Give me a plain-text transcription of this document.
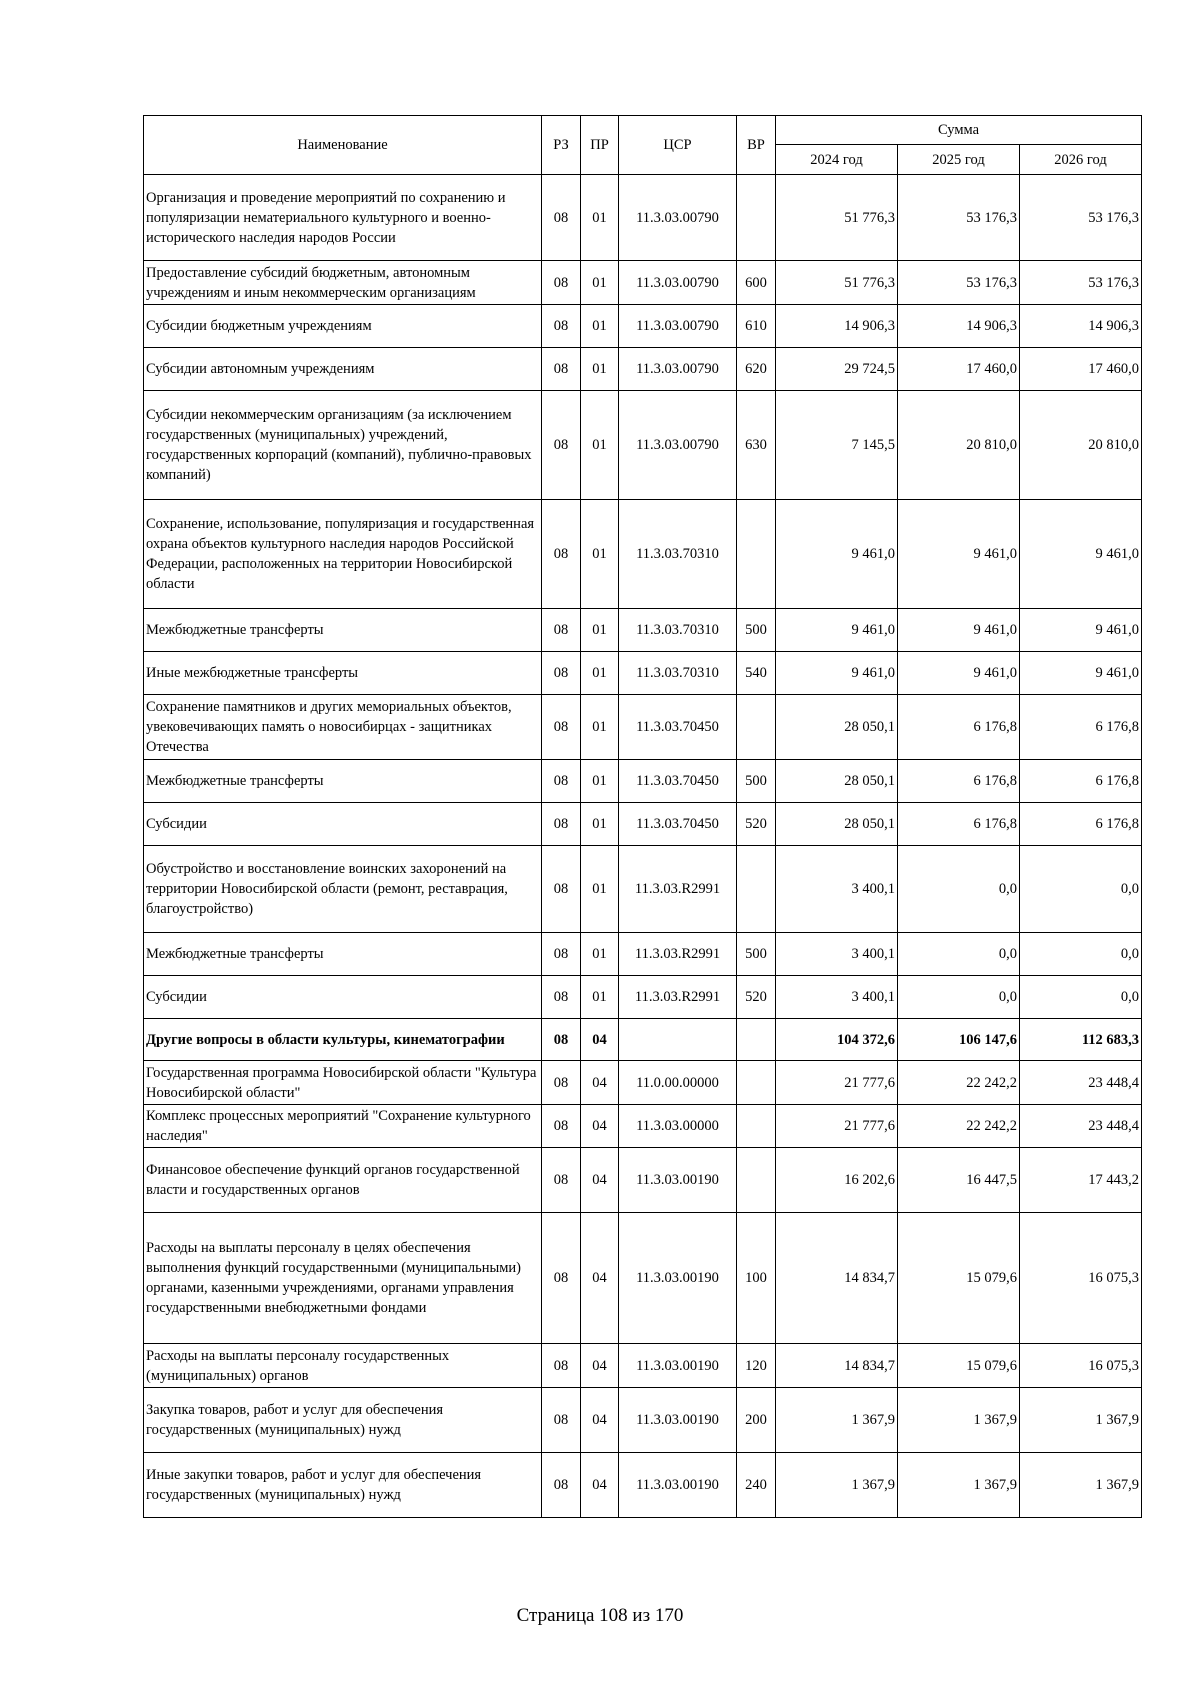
Наименование	РЗ	ПР	ЦСР	ВР	Сумма		
					2024 год	2025 год	2026 год
Организация и проведение мероприятий по сохранению и популяризации нематериального культурного и военно-исторического наследия народов России	08	01	11.3.03.00790		51 776,3	53 176,3	53 176,3
Предоставление субсидий бюджетным, автономным учреждениям и иным некоммерческим организациям	08	01	11.3.03.00790	600	51 776,3	53 176,3	53 176,3
Субсидии бюджетным учреждениям	08	01	11.3.03.00790	610	14 906,3	14 906,3	14 906,3
Субсидии автономным учреждениям	08	01	11.3.03.00790	620	29 724,5	17 460,0	17 460,0
Субсидии некоммерческим организациям (за исключением государственных (муниципальных) учреждений, государственных корпораций (компаний), публично-правовых компаний)	08	01	11.3.03.00790	630	7 145,5	20 810,0	20 810,0
Сохранение, использование, популяризация и государственная охрана объектов культурного наследия народов Российской Федерации, расположенных на территории Новосибирской области	08	01	11.3.03.70310		9 461,0	9 461,0	9 461,0
Межбюджетные трансферты	08	01	11.3.03.70310	500	9 461,0	9 461,0	9 461,0
Иные межбюджетные трансферты	08	01	11.3.03.70310	540	9 461,0	9 461,0	9 461,0
Сохранение памятников и других мемориальных объектов, увековечивающих память о новосибирцах - защитниках Отечества	08	01	11.3.03.70450		28 050,1	6 176,8	6 176,8
Межбюджетные трансферты	08	01	11.3.03.70450	500	28 050,1	6 176,8	6 176,8
Субсидии	08	01	11.3.03.70450	520	28 050,1	6 176,8	6 176,8
Обустройство и восстановление воинских захоронений на территории Новосибирской области (ремонт, реставрация, благоустройство)	08	01	11.3.03.R2991		3 400,1	0,0	0,0
Межбюджетные трансферты	08	01	11.3.03.R2991	500	3 400,1	0,0	0,0
Субсидии	08	01	11.3.03.R2991	520	3 400,1	0,0	0,0
Другие вопросы в области культуры, кинематографии	08	04			104 372,6	106 147,6	112 683,3
Государственная программа Новосибирской области "Культура Новосибирской области"	08	04	11.0.00.00000		21 777,6	22 242,2	23 448,4
Комплекс процессных мероприятий "Сохранение культурного наследия"	08	04	11.3.03.00000		21 777,6	22 242,2	23 448,4
Финансовое обеспечение функций органов государственной власти и государственных органов	08	04	11.3.03.00190		16 202,6	16 447,5	17 443,2
Расходы на выплаты персоналу в целях обеспечения выполнения функций государственными (муниципальными) органами, казенными учреждениями, органами управления государственными внебюджетными фондами	08	04	11.3.03.00190	100	14 834,7	15 079,6	16 075,3
Расходы на выплаты персоналу государственных (муниципальных) органов	08	04	11.3.03.00190	120	14 834,7	15 079,6	16 075,3
Закупка товаров, работ и услуг для обеспечения государственных (муниципальных) нужд	08	04	11.3.03.00190	200	1 367,9	1 367,9	1 367,9
Иные закупки товаров, работ и услуг для обеспечения государственных (муниципальных) нужд	08	04	11.3.03.00190	240	1 367,9	1 367,9	1 367,9
Страница 108 из 170
